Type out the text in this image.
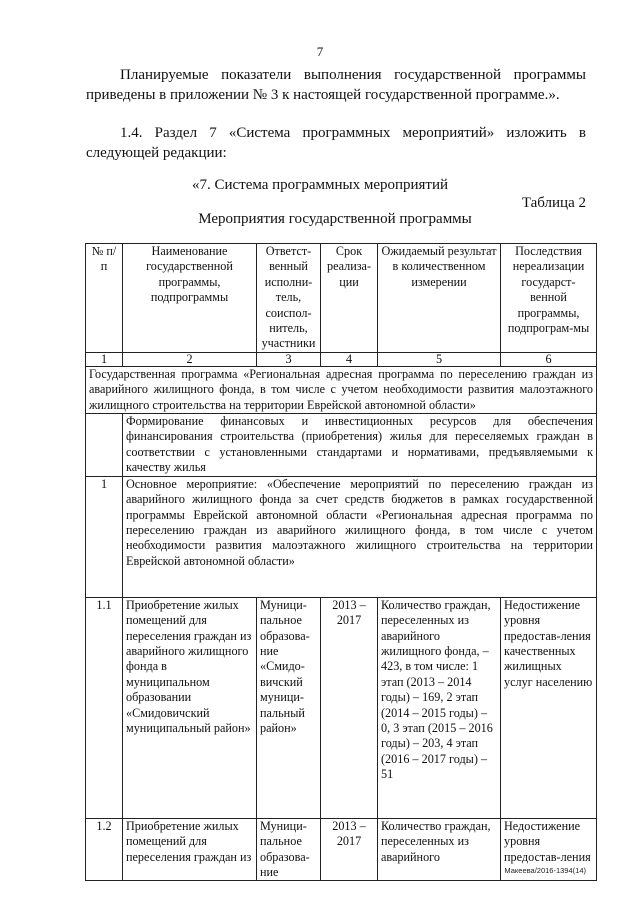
7
Планируемые показатели выполнения государственной программы приведены в приложении № 3 к настоящей государственной программе.».
1.4. Раздел 7 «Система программных мероприятий» изложить в следующей редакции:
«7. Система программных мероприятий
Таблица 2
Мероприятия государственной программы
№ п/п	Наименование государственной программы, подпрограммы	Ответст-венный исполни-тель, соиспол-нитель, участники	Срок реализа-ции	Ожидаемый результат в количественном измерении	Последствия нереализации государст-венной программы, подпрограм-мы
1	2	3	4	5	6
Государственная программа «Региональная адресная программа по переселению граждан из аварийного жилищного фонда, в том числе с учетом необходимости развития малоэтажного жилищного строительства на территории Еврейской автономной области»					
	Формирование финансовых и инвестиционных ресурсов для обеспечения финансирования строительства (приобретения) жилья для переселяемых граждан в соответствии с установленными стандартами и нормативами, предъявляемыми к качеству жилья				
1	Основное мероприятие: «Обеспечение мероприятий по переселению граждан из аварийного жилищного фонда за счет средств бюджетов в рамках государственной программы Еврейской автономной области «Региональная адресная программа по переселению граждан из аварийного жилищного фонда, в том числе с учетом необходимости развития малоэтажного жилищного строительства на территории Еврейской автономной области»				
1.1	Приобретение жилых помещений для переселения граждан из аварийного жилищного фонда в муниципальном образовании «Смидовичский муниципальный район»	Муници-пальное образова-ние «Смидо-вичский муници-пальный район»	2013 – 2017	Количество граждан, переселенных из аварийного жилищного фонда, – 423, в том числе: 1 этап (2013 – 2014 годы) – 169, 2 этап (2014 – 2015 годы) – 0, 3 этап (2015 – 2016 годы) – 203, 4 этап (2016 – 2017 годы) – 51	Недостижение уровня предостав-ления качественных жилищных услуг населению
1.2	Приобретение жилых помещений для переселения граждан из	Муници-пальное образова-ние	2013 – 2017	Количество граждан, переселенных из аварийного	Недостижение уровня предостав-ления
Макеева/2016-1394(14)
